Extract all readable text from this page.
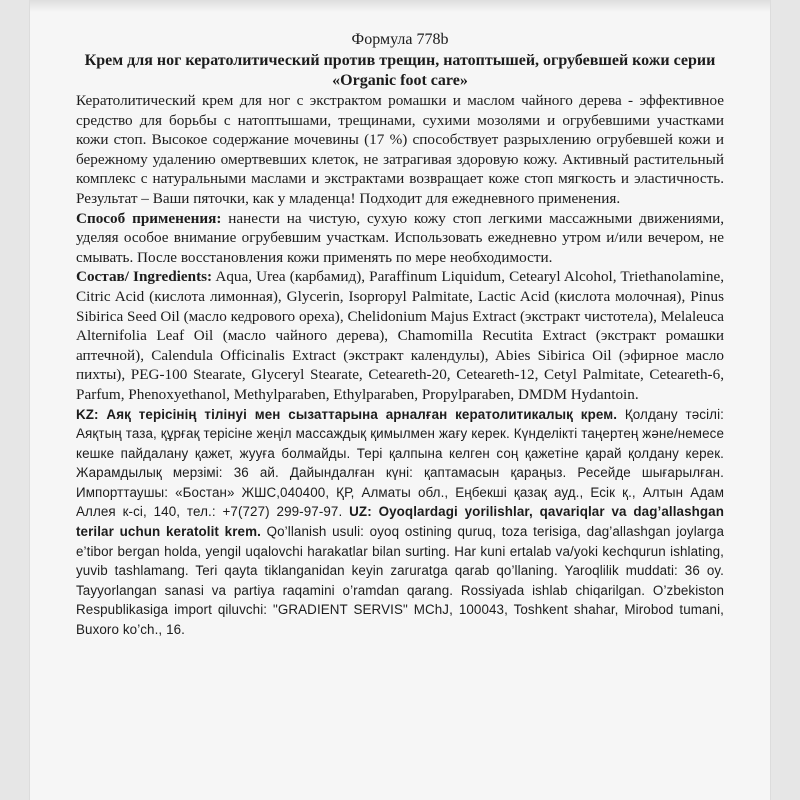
Формула 778b
Крем для ног кератолитический против трещин, натоптышей, огрубевшей кожи серии «Organic foot care»

Кератолитический крем для ног с экстрактом ромашки и маслом чайного дерева - эффективное средство для борьбы с натоптышами, трещинами, сухими мозолями и огрубевшими участками кожи стоп. Высокое содержание мочевины (17 %) способствует разрыхлению огрубевшей кожи и бережному удалению омертвевших клеток, не затрагивая здоровую кожу. Активный растительный комплекс с натуральными маслами и экстрактами возвращает коже стоп мягкость и эластичность. Результат – Ваши пяточки, как у младенца! Подходит для ежедневного применения.

Способ применения: нанести на чистую, сухую кожу стоп легкими массажными движениями, уделяя особое внимание огрубевшим участкам. Использовать ежедневно утром и/или вечером, не смывать. После восстановления кожи применять по мере необходимости.

Состав/ Ingredients: Aqua, Urea (карбамид), Paraffinum Liquidum, Cetearyl Alcohol, Triethanolamine, Citric Acid (кислота лимонная), Glycerin, Isopropyl Palmitate, Lactic Acid (кислота молочная), Pinus Sibirica Seed Oil (масло кедрового ореха), Chelidonium Majus Extract (экстракт чистотела), Melaleuca Alternifolia Leaf Oil (масло чайного дерева), Chamomilla Recutita Extract (экстракт ромашки аптечной), Calendula Officinalis Extract (экстракт календулы), Abies Sibirica Oil (эфирное масло пихты), PEG-100 Stearate, Glyceryl Stearate, Ceteareth-20, Ceteareth-12, Cetyl Palmitate, Ceteareth-6, Parfum, Phenoxyethanol, Methylparaben, Ethylparaben, Propylparaben, DMDM Hydantoin.

KZ: Аяқ терісінің тілінуі мен сызаттарына арналған кератолитикалық крем. Қолдану тәсілі: Аяқтың таза, құрғақ терісіне жеңіл массаждық қимылмен жағу керек. Күнделікті таңертең және/немесе кешке пайдалану қажет, жууға болмайды. Тері қалпына келген соң қажетіне қарай қолдану керек. Жарамдылық мерзімі: 36 ай. Дайындалған күні: қаптамасын қараңыз. Ресейде шығарылған. Импорттаушы: «Бостан» ЖШС,040400, ҚР, Алматы обл., Еңбекші қазақ ауд., Есік қ., Алтын Адам Аллея к-сі, 140, тел.: +7(727) 299-97-97. UZ: Oyoqlardagi yorilishlar, qavariqlar va dag’allashgan terilar uchun keratolit krem. Qo’llanish usuli: oyoq ostining quruq, toza terisiga, dag’allashgan joylarga e’tibor bergan holda, yengil uqalovchi harakatlar bilan surting. Har kuni ertalab va/yoki kechqurun ishlating, yuvib tashlamang. Teri qayta tiklanganidan keyin zaruratga qarab qo’llaning. Yaroqlilik muddati: 36 oy. Tayyorlangan sanasi va partiya raqamini o’ramdan qarang. Rossiyada ishlab chiqarilgan. O’zbekiston Respublikasiga import qiluvchi: "GRADIENT SERVIS" MChJ, 100043, Toshkent shahar, Mirobod tumani, Buxoro ko’ch., 16.
